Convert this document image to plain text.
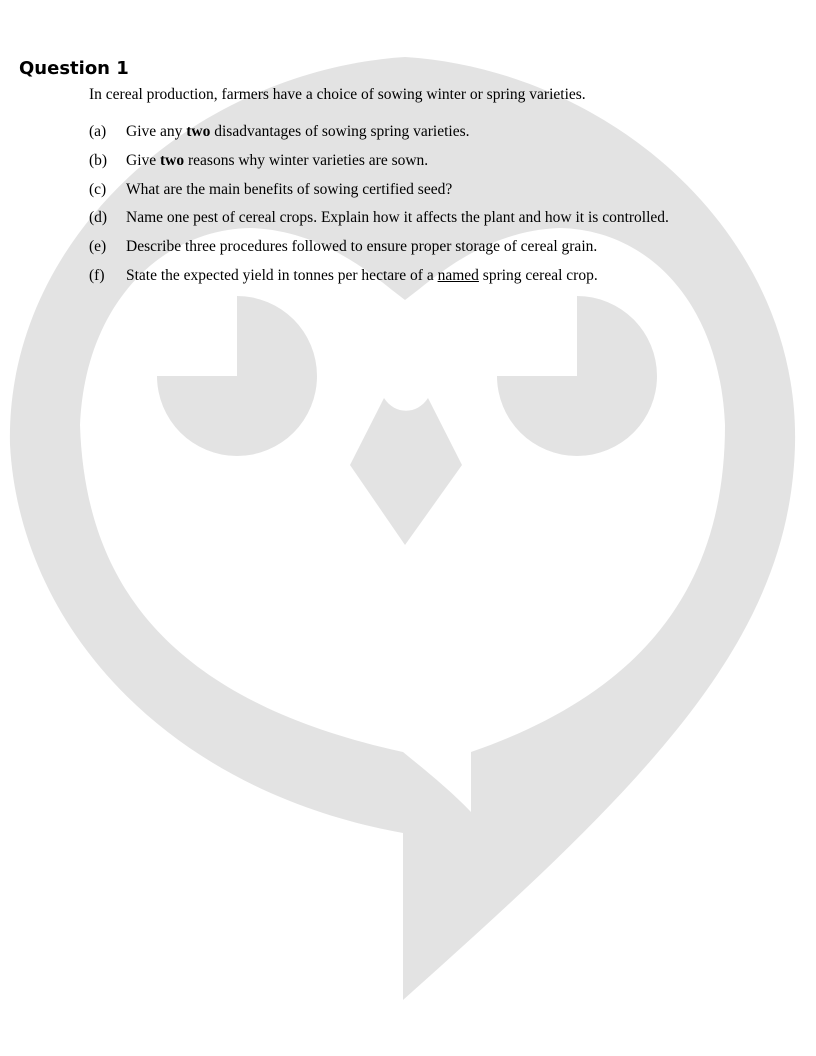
Question 1

In cereal production, farmers have a choice of sowing winter or spring varieties.

(a) Give any two disadvantages of sowing spring varieties.

(b) Give two reasons why winter varieties are sown.

(c) What are the main benefits of sowing certified seed?

(d) Name one pest of cereal crops. Explain how it affects the plant and how it is controlled.

(e) Describe three procedures followed to ensure proper storage of cereal grain.

(f) State the expected yield in tonnes per hectare of a named spring cereal crop.
